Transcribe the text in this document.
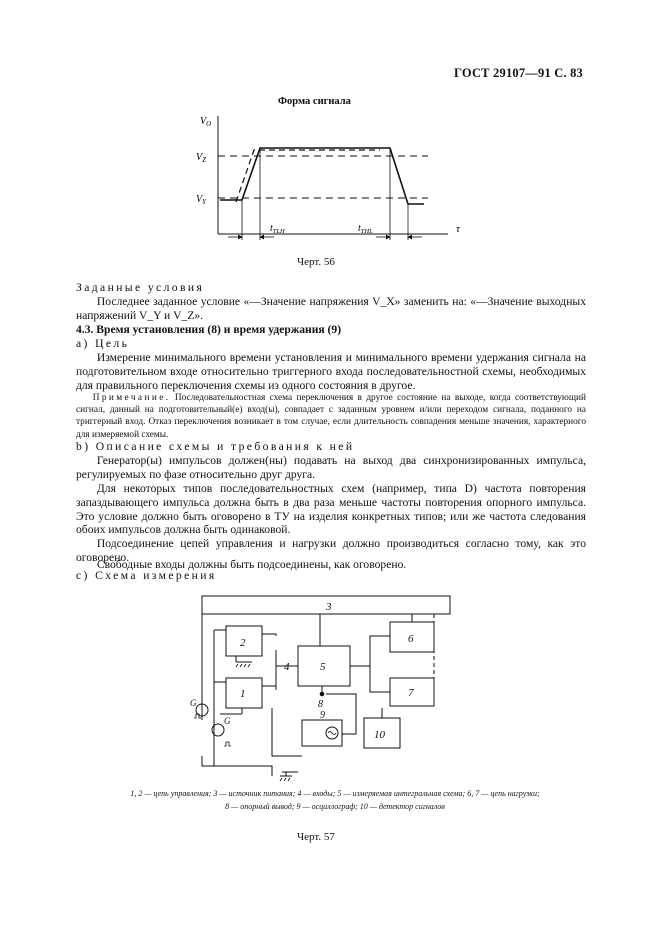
ГОСТ 29107—91 С. 83
Форма сигнала
$V_O$
$V_Z$
$V_Y$
τ
$t_{TLH}$	$t_{THL}$
Черт. 56
Заданные условия
Последнее заданное условие «—Значение напряжения V_X» заменить на: «—Значение выходных напряжений V_Y и V_Z».
4.3. Время установления (8) и время удержания (9)
а) Цель
Измерение минимального времени установления и минимального времени удержания сигнала на подготовительном входе относительно триггерного входа последовательностной схемы, необходимых для правильного переключения схемы из одного состояния в другое.
Примечание. Последовательностная схема переключения в другое состояние на выходе, когда соответствующий сигнал, данный на подготовительный(е) вход(ы), совпадает с заданным уровнем и/или переходом сигнала, поданного на триггерный вход. Отказ переключения возникает в том случае, если длительность совпадения меньше значения, характерного для измеряемой схемы.
b) Описание схемы и требования к ней
Генератор(ы) импульсов должен(ны) подавать на выход два синхронизированных импульса, регулируемых по фазе относительно друг друга.
Для некоторых типов последовательностных схем (например, типа D) частота повторения запаздывающего импульса должна быть в два раза меньше частоты повторения опорного импульса. Это условие должно быть оговорено в ТУ на изделия конкретных типов; или же частота следования обоих импульсов должна быть одинаковой.
Подсоединение цепей управления и нагрузки должно производиться согласно тому, как это оговорено.
Свободные входы должны быть подсоединены, как оговорено.
с) Схема измерения
3
2
1
4	5
6
7
8
9
10
G
G
1, 2 — цепь управления; 3 — источник питания; 4 — входы; 5 — измеряемая интегральная схема; 6, 7 — цепь нагрузки;
8 — опорный вывод; 9 — осциллограф; 10 — детектор сигналов
Черт. 57
